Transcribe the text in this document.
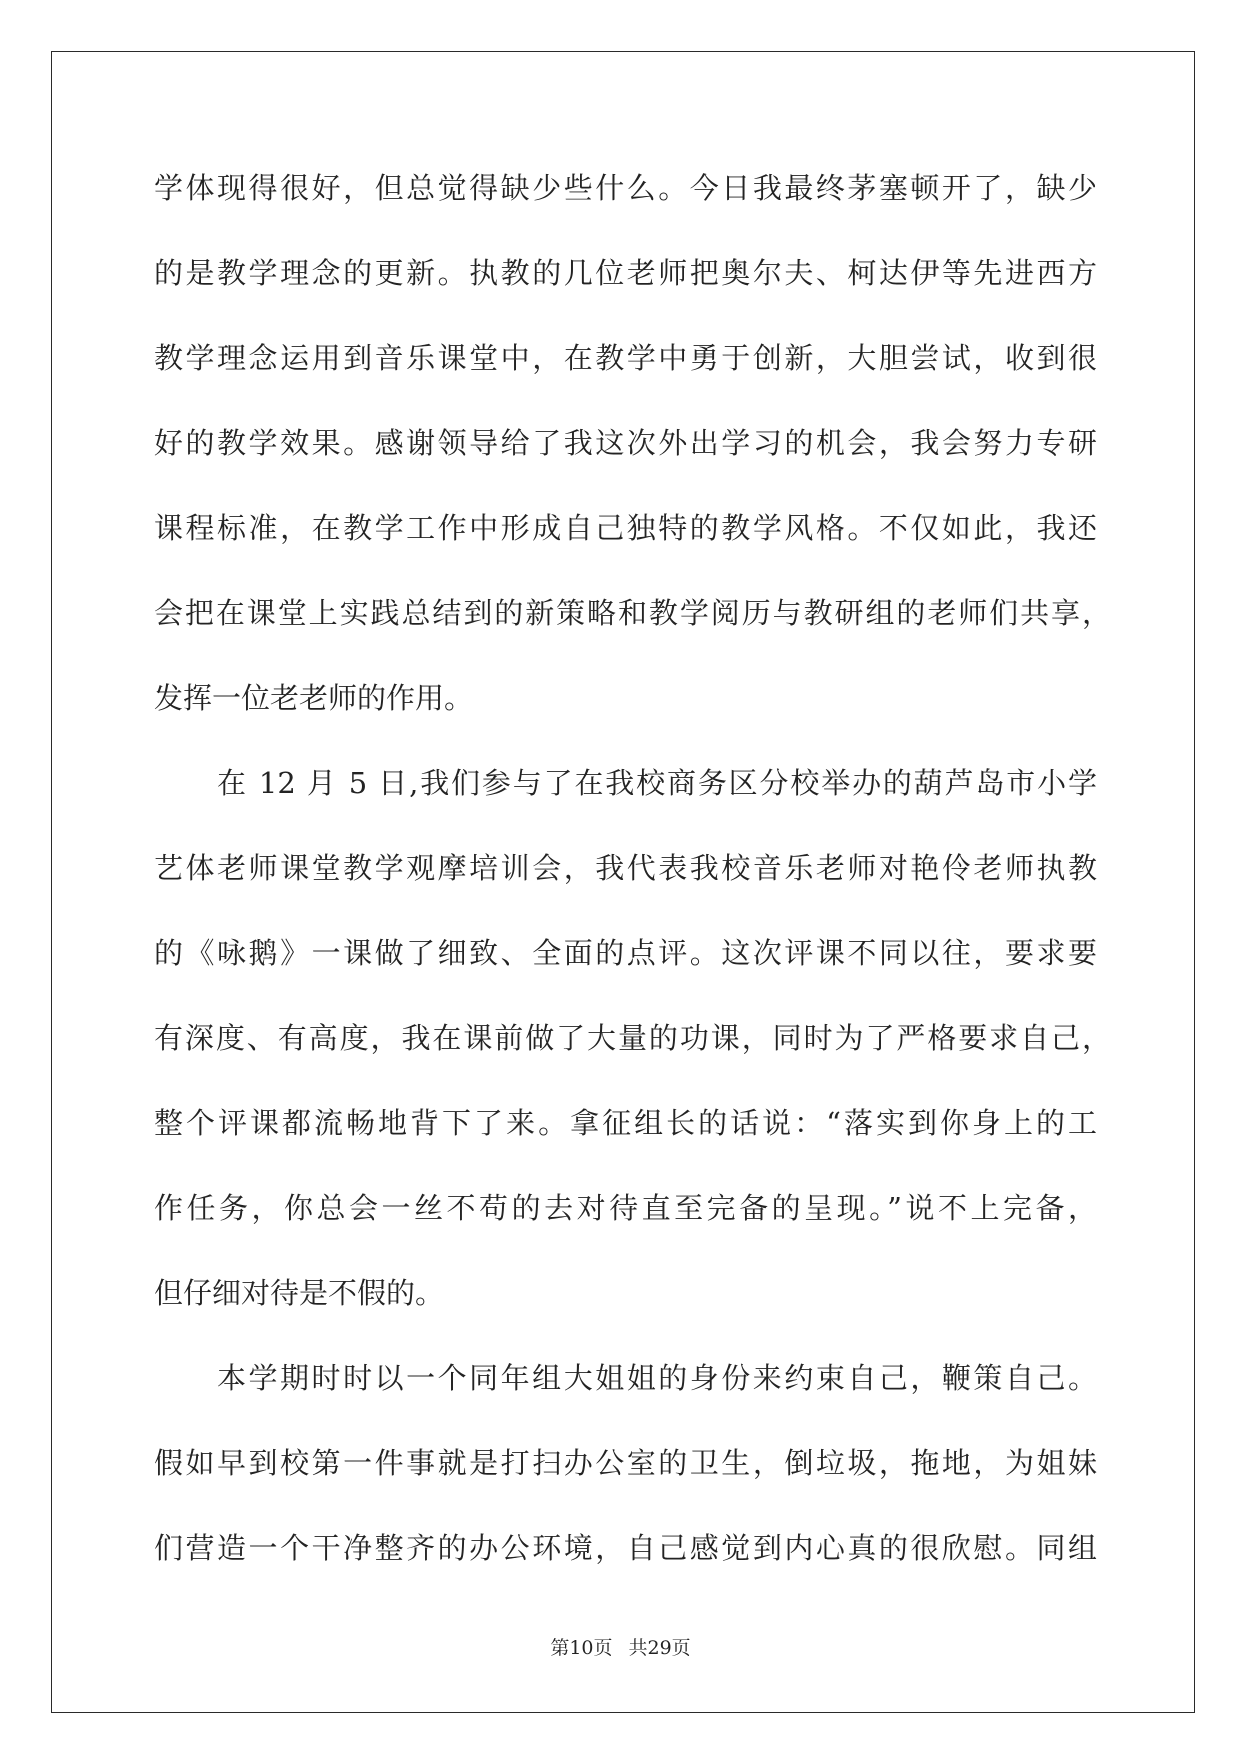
学体现得很好，但总觉得缺少些什么。今日我最终茅塞顿开了，缺少
的是教学理念的更新。执教的几位老师把奥尔夫、柯达伊等先进西方
教学理念运用到音乐课堂中，在教学中勇于创新，大胆尝试，收到很
好的教学效果。感谢领导给了我这次外出学习的机会，我会努力专研
课程标准，在教学工作中形成自己独特的教学风格。不仅如此，我还
会把在课堂上实践总结到的新策略和教学阅历与教研组的老师们共享，
发挥一位老老师的作用。
在 12 月 5 日,我们参与了在我校商务区分校举办的葫芦岛市小学
艺体老师课堂教学观摩培训会，我代表我校音乐老师对艳伶老师执教
的《咏鹅》一课做了细致、全面的点评。这次评课不同以往，要求要
有深度、有高度，我在课前做了大量的功课，同时为了严格要求自己，
整个评课都流畅地背下了来。拿征组长的话说：“落实到你身上的工
作任务，你总会一丝不苟的去对待直至完备的呈现。”说不上完备，
但仔细对待是不假的。
本学期时时以一个同年组大姐姐的身份来约束自己，鞭策自己。
假如早到校第一件事就是打扫办公室的卫生，倒垃圾，拖地，为姐妹
们营造一个干净整齐的办公环境，自己感觉到内心真的很欣慰。同组
第10页 共29页
